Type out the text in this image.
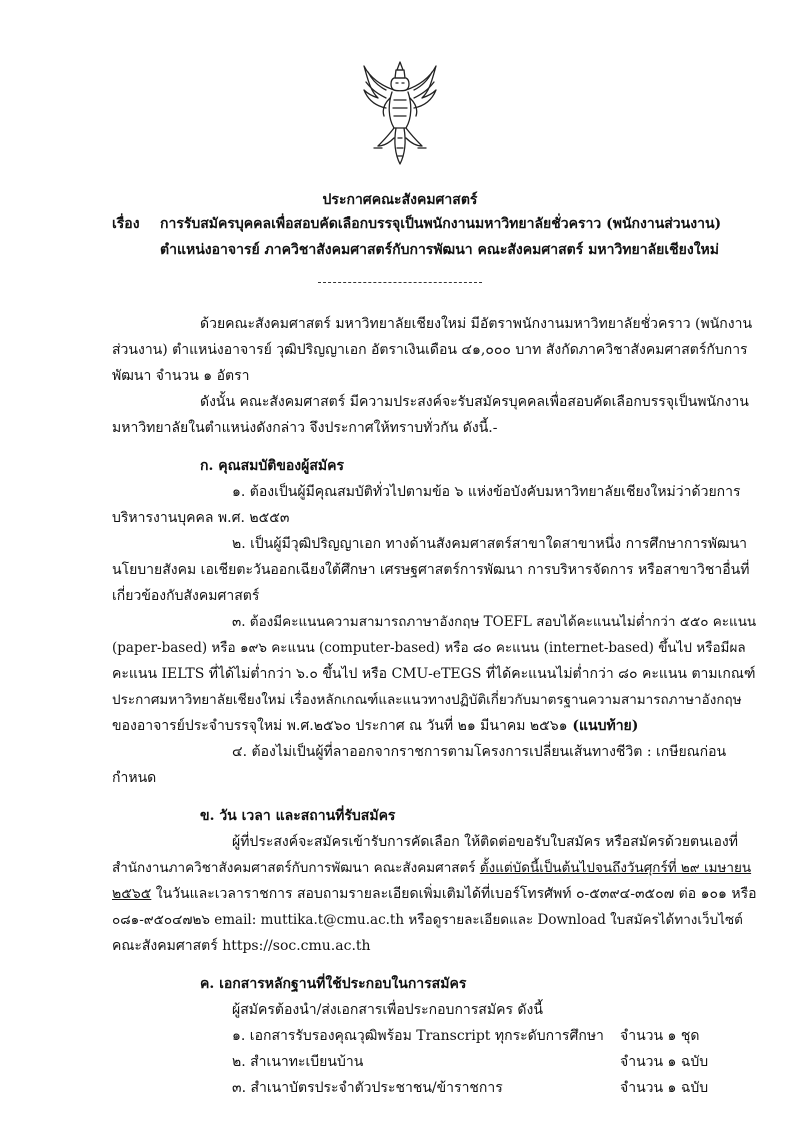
ประกาศคณะสังคมศาสตร์
เรื่อง การรับสมัครบุคคลเพื่อสอบคัดเลือกบรรจุเป็นพนักงานมหาวิทยาลัยชั่วคราว (พนักงานส่วนงาน)
ตำแหน่งอาจารย์ ภาควิชาสังคมศาสตร์กับการพัฒนา คณะสังคมศาสตร์ มหาวิทยาลัยเชียงใหม่
ด้วยคณะสังคมศาสตร์ มหาวิทยาลัยเชียงใหม่ มีอัตราพนักงานมหาวิทยาลัยชั่วคราว (พนักงาน
ส่วนงาน) ตำแหน่งอาจารย์ วุฒิปริญญาเอก อัตราเงินเดือน ๔๑,๐๐๐ บาท สังกัดภาควิชาสังคมศาสตร์กับการ
พัฒนา จำนวน ๑ อัตรา
ดังนั้น คณะสังคมศาสตร์ มีความประสงค์จะรับสมัครบุคคลเพื่อสอบคัดเลือกบรรจุเป็นพนักงาน
มหาวิทยาลัยในตำแหน่งดังกล่าว จึงประกาศให้ทราบทั่วกัน ดังนี้.-
ก. คุณสมบัติของผู้สมัคร
๑. ต้องเป็นผู้มีคุณสมบัติทั่วไปตามข้อ ๖ แห่งข้อบังคับมหาวิทยาลัยเชียงใหม่ว่าด้วยการ
บริหารงานบุคคล พ.ศ. ๒๕๕๓
๒. เป็นผู้มีวุฒิปริญญาเอก ทางด้านสังคมศาสตร์สาขาใดสาขาหนึ่ง การศึกษาการพัฒนา
นโยบายสังคม เอเชียตะวันออกเฉียงใต้ศึกษา เศรษฐศาสตร์การพัฒนา การบริหารจัดการ หรือสาขาวิชาอื่นที่
เกี่ยวข้องกับสังคมศาสตร์
๓. ต้องมีคะแนนความสามารถภาษาอังกฤษ TOEFL สอบได้คะแนนไม่ต่ำกว่า ๕๕๐ คะแนน
(paper-based) หรือ ๑๙๖ คะแนน (computer-based) หรือ ๘๐ คะแนน (internet-based) ขึ้นไป หรือมีผล
คะแนน IELTS ที่ได้ไม่ต่ำกว่า ๖.๐ ขึ้นไป หรือ CMU-eTEGS ที่ได้คะแนนไม่ต่ำกว่า ๘๐ คะแนน ตามเกณฑ์
ประกาศมหาวิทยาลัยเชียงใหม่ เรื่องหลักเกณฑ์และแนวทางปฏิบัติเกี่ยวกับมาตรฐานความสามารถภาษาอังกฤษ
ของอาจารย์ประจำบรรจุใหม่ พ.ศ.๒๕๖๐ ประกาศ ณ วันที่ ๒๑ มีนาคม ๒๕๖๑ (แนบท้าย)
๔. ต้องไม่เป็นผู้ที่ลาออกจากราชการตามโครงการเปลี่ยนเส้นทางชีวิต : เกษียณก่อน
กำหนด
ข. วัน เวลา และสถานที่รับสมัคร
ผู้ที่ประสงค์จะสมัครเข้ารับการคัดเลือก ให้ติดต่อขอรับใบสมัคร หรือสมัครด้วยตนเองที่
สำนักงานภาควิชาสังคมศาสตร์กับการพัฒนา คณะสังคมศาสตร์ ตั้งแต่บัดนี้เป็นต้นไปจนถึงวันศุกร์ที่ ๒๙ เมษายน
๒๕๖๕ ในวันและเวลาราชการ สอบถามรายละเอียดเพิ่มเติมได้ที่เบอร์โทรศัพท์ ๐-๕๓๙๔-๓๕๐๗ ต่อ ๑๐๑ หรือ
๐๘๑-๙๕๐๔๗๒๖ email: muttika.t@cmu.ac.th หรือดูรายละเอียดและ Download ใบสมัครได้ทางเว็บไซต์
คณะสังคมศาสตร์ https://soc.cmu.ac.th
ค. เอกสารหลักฐานที่ใช้ประกอบในการสมัคร
ผู้สมัครต้องนำ/ส่งเอกสารเพื่อประกอบการสมัคร ดังนี้
๑. เอกสารรับรองคุณวุฒิพร้อม Transcript ทุกระดับการศึกษา จำนวน ๑ ชุด
๒. สำเนาทะเบียนบ้าน	จำนวน ๑ ฉบับ
๓. สำเนาบัตรประจำตัวประชาชน/ข้าราชการ	จำนวน ๑ ฉบับ
